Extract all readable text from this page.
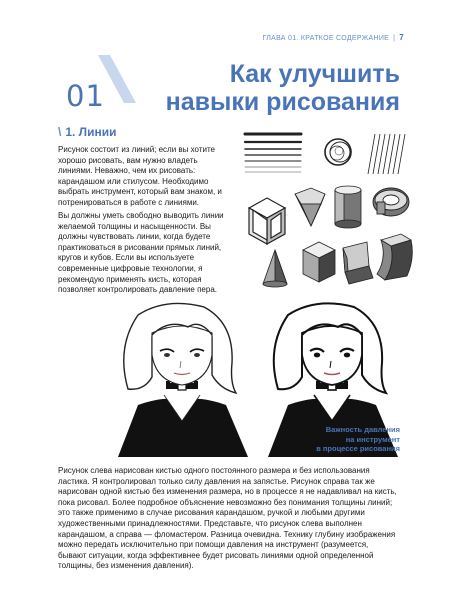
ГЛАВА 01. КРАТКОЕ СОДЕРЖАНИЕ | 7
01
Как улучшить
навыки рисования
\ 1. Линии

Рисунок состоит из линий; если вы хотите хорошо рисовать, вам нужно владеть линиями. Неважно, чем их рисовать: карандашом или стилусом. Необходимо выбрать инструмент, который вам знаком, и потренироваться в работе с линиями.

Вы должны уметь свободно выводить линии желаемой толщины и насыщенности. Вы должны чувствовать линии, когда будете практиковаться в рисовании прямых линий, кругов и кубов. Если вы используете современные цифровые технологии, я рекомендую применять кисть, которая позволяет контролировать давление пера.

Важность давления
на инструмент
в процессе рисования

Рисунок слева нарисован кистью одного постоянного размера и без использования ластика. Я контролировал только силу давления на запястье. Рисунок справа так же нарисован одной кистью без изменения размера, но в процессе я не надавливал на кисть, пока рисовал. Более подробное объяснение невозможно без понимания толщины линий; это также применимо в случае рисования карандашом, ручкой и любыми другими художественными принадлежностями. Представьте, что рисунок слева выполнен карандашом, а справа — фломастером. Разница очевидна. Технику глубину изображения можно передать исключительно при помощи давления на инструмент (разумеется, бывают ситуации, когда эффективнее будет рисовать линиями одной определенной толщины, без изменения давления).
